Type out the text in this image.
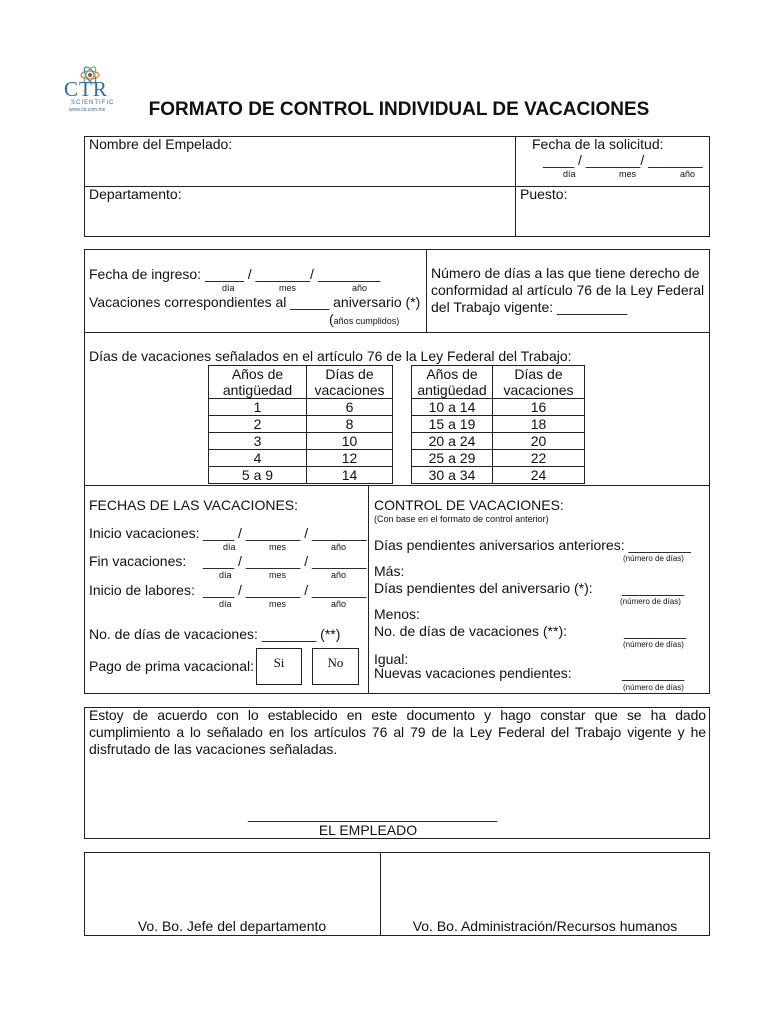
CTR
SCIENTIFIC
www.ctr.com.mx	FORMATO DE CONTROL INDIVIDUAL DE VACACIONES
Nombre del Empelado:	Fecha de la solicitud:
____ / _______/ _______
día	mes	año
Departamento:	Puesto:
Fecha de ingreso: _____ / _______/ ________
día	mes	año
Vacaciones correspondientes al _____ aniversario (*)
(años cumplidos)
Número de días a las que tiene derecho de
conformidad al artículo 76 de la Ley Federal
del Trabajo vigente: _________
Días de vacaciones señalados en el artículo 76 de la Ley Federal del Trabajo:
Años de
antigüedad	Días de
vacaciones
1	6
2	8
3	10
4	12
5 a 9	14
Años de
antigüedad	Días de
vacaciones
10 a 14	16
15 a 19	18
20 a 24	20
25 a 29	22
30 a 34	24
FECHAS DE LAS VACACIONES:
Inicio vacaciones: ____ / _______ / _______
día	mes	año
Fin vacaciones: ____ / _______ / _______
día	mes	año
Inicio de labores: ____ / _______ / _______
día	mes	año
No. de días de vacaciones: _______ (**)
Pago de prima vacacional:	Si	No
CONTROL DE VACACIONES:
(Con base en el formato de control anterior)
Días pendientes aniversarios anteriores: ________
(número de días)
Más:
Días pendientes del aniversario (*): ________
(número de días)
Menos:
No. de días de vacaciones (**):	________
(número de días)
Igual:
Nuevas vacaciones pendientes:	________
(número de días)
Estoy de acuerdo con lo establecido en este documento y hago constar que se ha dado
cumplimiento a lo señalado en los artículos 76 al 79 de la Ley Federal del Trabajo vigente y he
disfrutado de las vacaciones señaladas.
________________________________
EL EMPLEADO
Vo. Bo. Jefe del departamento	Vo. Bo. Administración/Recursos humanos
